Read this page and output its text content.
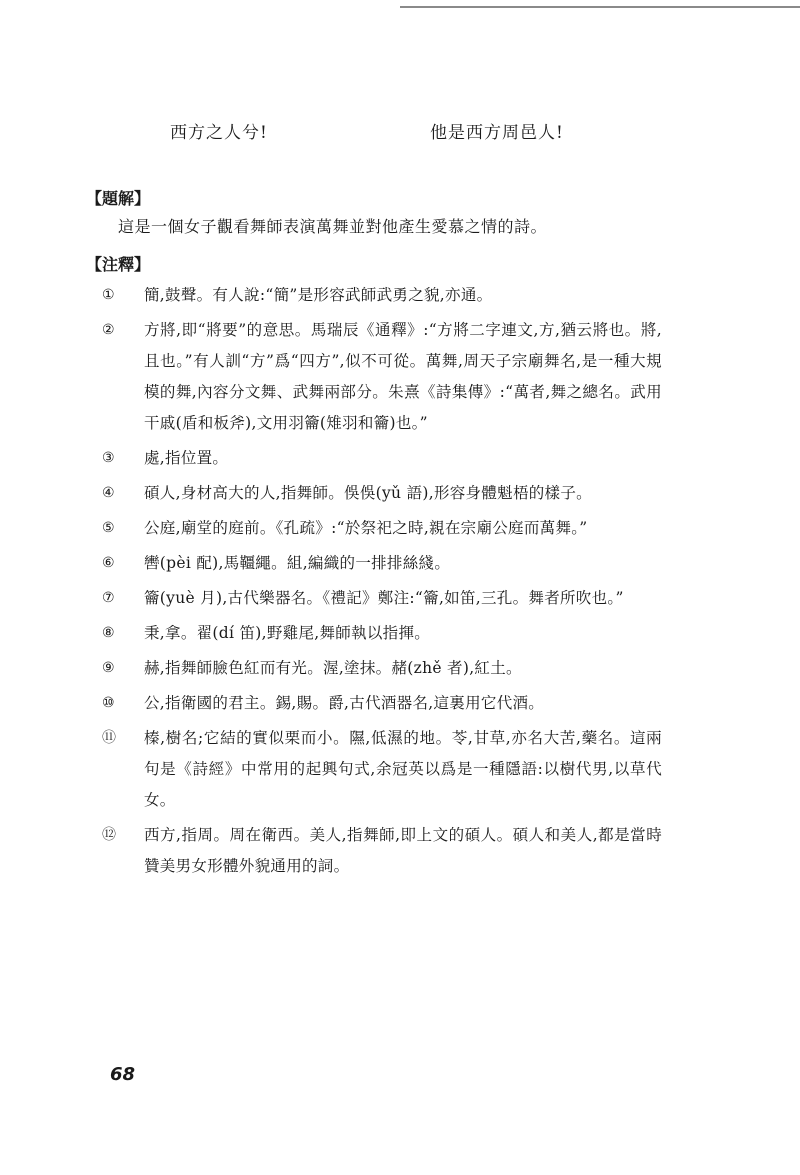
西方之人兮!	他是西方周邑人!
【題解】
這是一個女子觀看舞師表演萬舞並對他產生愛慕之情的詩。
【注釋】
①	簡,鼓聲。有人說:“簡”是形容武師武勇之貌,亦通。
②	方將,即“將要”的意思。馬瑞辰《通釋》:“方將二字連文,方,猶云將也。將,且也。”有人訓“方”爲“四方”,似不可從。萬舞,周天子宗廟舞名,是一種大規模的舞,內容分文舞、武舞兩部分。朱熹《詩集傳》:“萬者,舞之總名。武用干戚(盾和板斧),文用羽籥(雉羽和籥)也。”
③	處,指位置。
④	碩人,身材高大的人,指舞師。俁俁(yǔ 語),形容身體魁梧的樣子。
⑤	公庭,廟堂的庭前。《孔疏》:“於祭祀之時,親在宗廟公庭而萬舞。”
⑥	轡(pèi 配),馬韁繩。組,編織的一排排絲綫。
⑦	籥(yuè 月),古代樂器名。《禮記》鄭注:“籥,如笛,三孔。舞者所吹也。”
⑧	秉,拿。翟(dí 笛),野雞尾,舞師執以指揮。
⑨	赫,指舞師臉色紅而有光。渥,塗抹。赭(zhě 者),紅土。
⑩	公,指衛國的君主。錫,賜。爵,古代酒器名,這裏用它代酒。
⑪	榛,樹名;它結的實似栗而小。隰,低濕的地。苓,甘草,亦名大苦,藥名。這兩句是《詩經》中常用的起興句式,余冠英以爲是一種隱語:以樹代男,以草代女。
⑫	西方,指周。周在衛西。美人,指舞師,即上文的碩人。碩人和美人,都是當時贊美男女形體外貌通用的詞。
68
